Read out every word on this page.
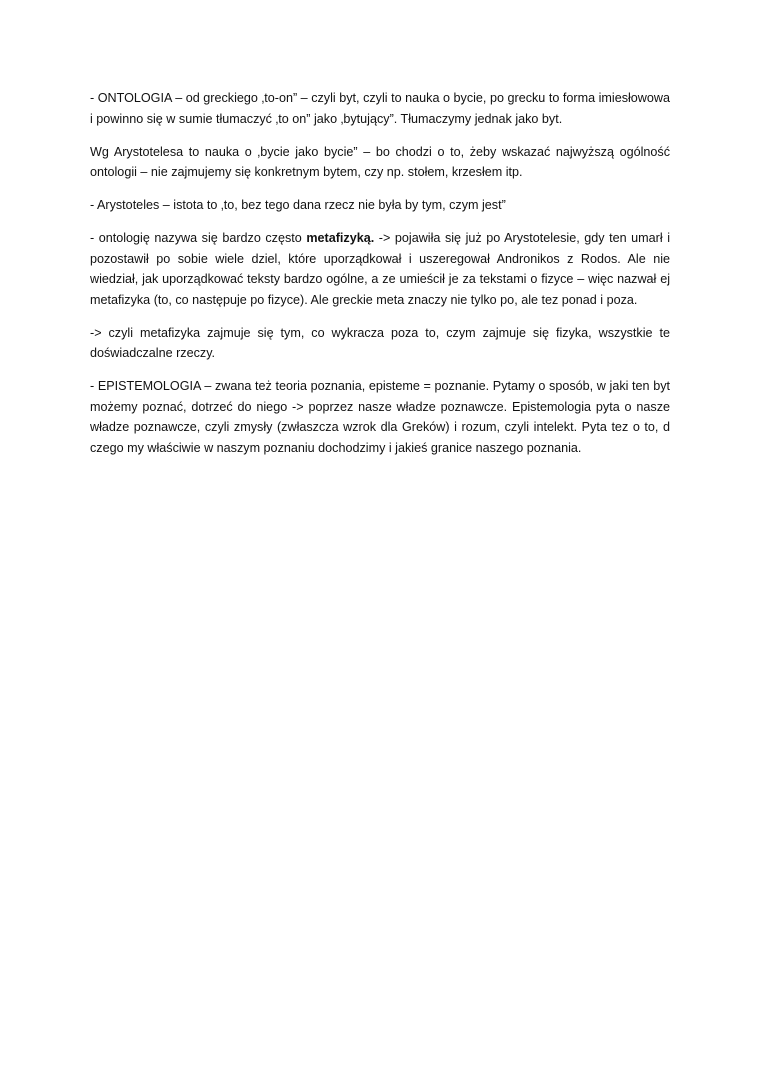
- ONTOLOGIA – od greckiego ‚to-on” – czyli byt, czyli to nauka o bycie, po grecku to forma imiesłowowa i powinno się w sumie tłumaczyć ‚to on” jako ‚bytujący”. Tłumaczymy jednak jako byt.

Wg Arystotelesa to nauka o ‚bycie jako bycie” – bo chodzi o to, żeby wskazać najwyższą ogólność ontologii – nie zajmujemy się konkretnym bytem, czy np. stołem, krzesłem itp.

- Arystoteles – istota to ‚to, bez tego dana rzecz nie była by tym, czym jest”

- ontologię nazywa się bardzo często metafizyką. -> pojawiła się już po Arystotelesie, gdy ten umarł i pozostawił po sobie wiele dziel, które uporządkował i uszeregował Andronikos z Rodos. Ale nie wiedział, jak uporządkować teksty bardzo ogólne, a ze umieścił je za tekstami o fizyce – więc nazwał ej metafizyka (to, co następuje po fizyce). Ale greckie meta znaczy nie tylko po, ale tez ponad i poza.

-> czyli metafizyka zajmuje się tym, co wykracza poza to, czym zajmuje się fizyka, wszystkie te doświadczalne rzeczy.

- EPISTEMOLOGIA – zwana też teoria poznania, episteme = poznanie. Pytamy o sposób, w jaki ten byt możemy poznać, dotrzeć do niego -> poprzez nasze władze poznawcze. Epistemologia pyta o nasze władze poznawcze, czyli zmysły (zwłaszcza wzrok dla Greków) i rozum, czyli intelekt. Pyta tez o to, d czego my właściwie w naszym poznaniu dochodzimy i jakieś granice naszego poznania.
